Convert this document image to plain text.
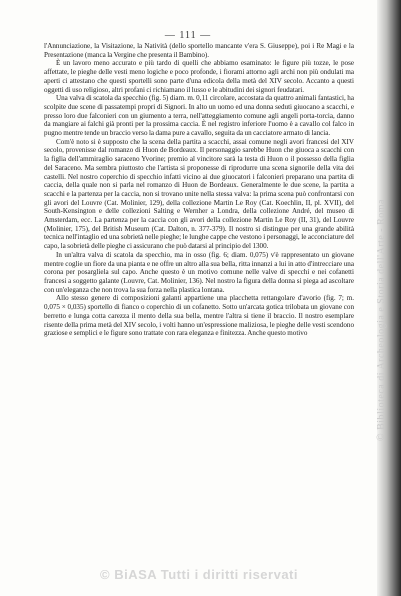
— 111 —

l'Annunciazione, la Visitazione, la Natività (dello sportello mancante v'era S. Giuseppe), poi i Re Magi e la Presentazione (manca la Vergine che presenta il Bambino).

È un lavoro meno accurato e più tardo di quelli che abbiamo esaminato: le figure più tozze, le pose affettate, le pieghe delle vesti meno logiche e poco profonde, i fiorami attorno agli archi non più ondulati ma aperti ci attestano che questi sportelli sono parte d'una edicola della metà del XIV secolo. Accanto a questi oggetti di uso religioso, altri profani ci richiamano il lusso e le abitudini dei signori feudatari.

Una valva di scatola da specchio (fig. 5) diam. m. 0,11 circolare, accostata da quattro animali fantastici, ha scolpite due scene di passatempi propri di Signori. In alto un uomo ed una donna seduti giuocano a scacchi, e presso loro due falconieri con un giumento a terra, nell'atteggiamento comune agli angeli porta-torcia, danno da mangiare ai falchi già pronti per la prossima caccia. È nel registro inferiore l'uomo è a cavallo col falco in pugno mentre tende un braccio verso la dama pure a cavallo, seguita da un cacciatore armato di lancia.

Com'è noto si è supposto che la scena della partita a scacchi, assai comune negli avori francesi del XIV secolo, provenisse dal romanzo di Huon de Bordeaux. Il personaggio sarebbe Huon che giuoca a scacchi con la figlia dell'ammiraglio saraceno Yvorine; premio al vincitore sarà la testa di Huon o il possesso della figlia del Saraceno. Ma sembra piuttosto che l'artista si proponesse di riprodurre una scena signorile della vita dei castelli. Nel nostro coperchio di specchio infatti vicino ai due giuocatori i falconieri preparano una partita di caccia, della quale non si parla nel romanzo di Huon de Bordeaux. Generalmente le due scene, la partita a scacchi e la partenza per la caccia, non si trovano unite nella stessa valva: la prima scena può confrontarsi con gli avori del Louvre (Cat. Molinier, 129), della collezione Martin Le Roy (Cat. Koechlin, II, pl. XVII), del South-Kensington e delle collezioni Salting e Wernher a Londra, della collezione André, del museo di Amsterdam, ecc. La partenza per la caccia con gli avori della collezione Martin Le Roy (II, 31), del Louvre (Molinier, 175), del British Museum (Cat. Dalton, n. 377-379). Il nostro si distingue per una grande abilità tecnica nell'intaglio ed una sobrietà nelle pieghe; le lunghe cappe che vestono i personaggi, le acconciature del capo, la sobrietà delle pieghe ci assicurano che può datarsi al principio del 1300.

In un'altra valva di scatola da specchio, ma in osso (fig. 6; diam. 0,075) v'è rappresentato un giovane mentre coglie un fiore da una pianta e ne offre un altro alla sua bella, ritta innanzi a lui in atto d'intrecciare una corona per posargliela sul capo. Anche questo è un motivo comune nelle valve di specchi e nei cofanetti francesi a soggetto galante (Louvre, Cat. Molinier, 136). Nel nostro la figura della donna si piega ad ascoltare con un'eleganza che non trova la sua forza nella plastica lontana.

Allo stesso genere di composizioni galanti appartiene una placchetta rettangolare d'avorio (fig. 7; m. 0,075 × 0,035) sportello di fianco o coperchio di un cofanetto. Sotto un'arcata gotica trilobata un giovane con berretto e lunga cotta carezza il mento della sua bella, mentre l'altra si tiene il braccio. Il nostro esemplare risente della prima metà del XIV secolo, i volti hanno un'espressione maliziosa, le pieghe delle vesti scendono graziose e semplici e le figure sono trattate con rara eleganza e finitezza. Anche questo motivo	© Biblioteca di Archeologia e Storia dell'Arte - Roma
© BiASA Tutti i diritti riservati
